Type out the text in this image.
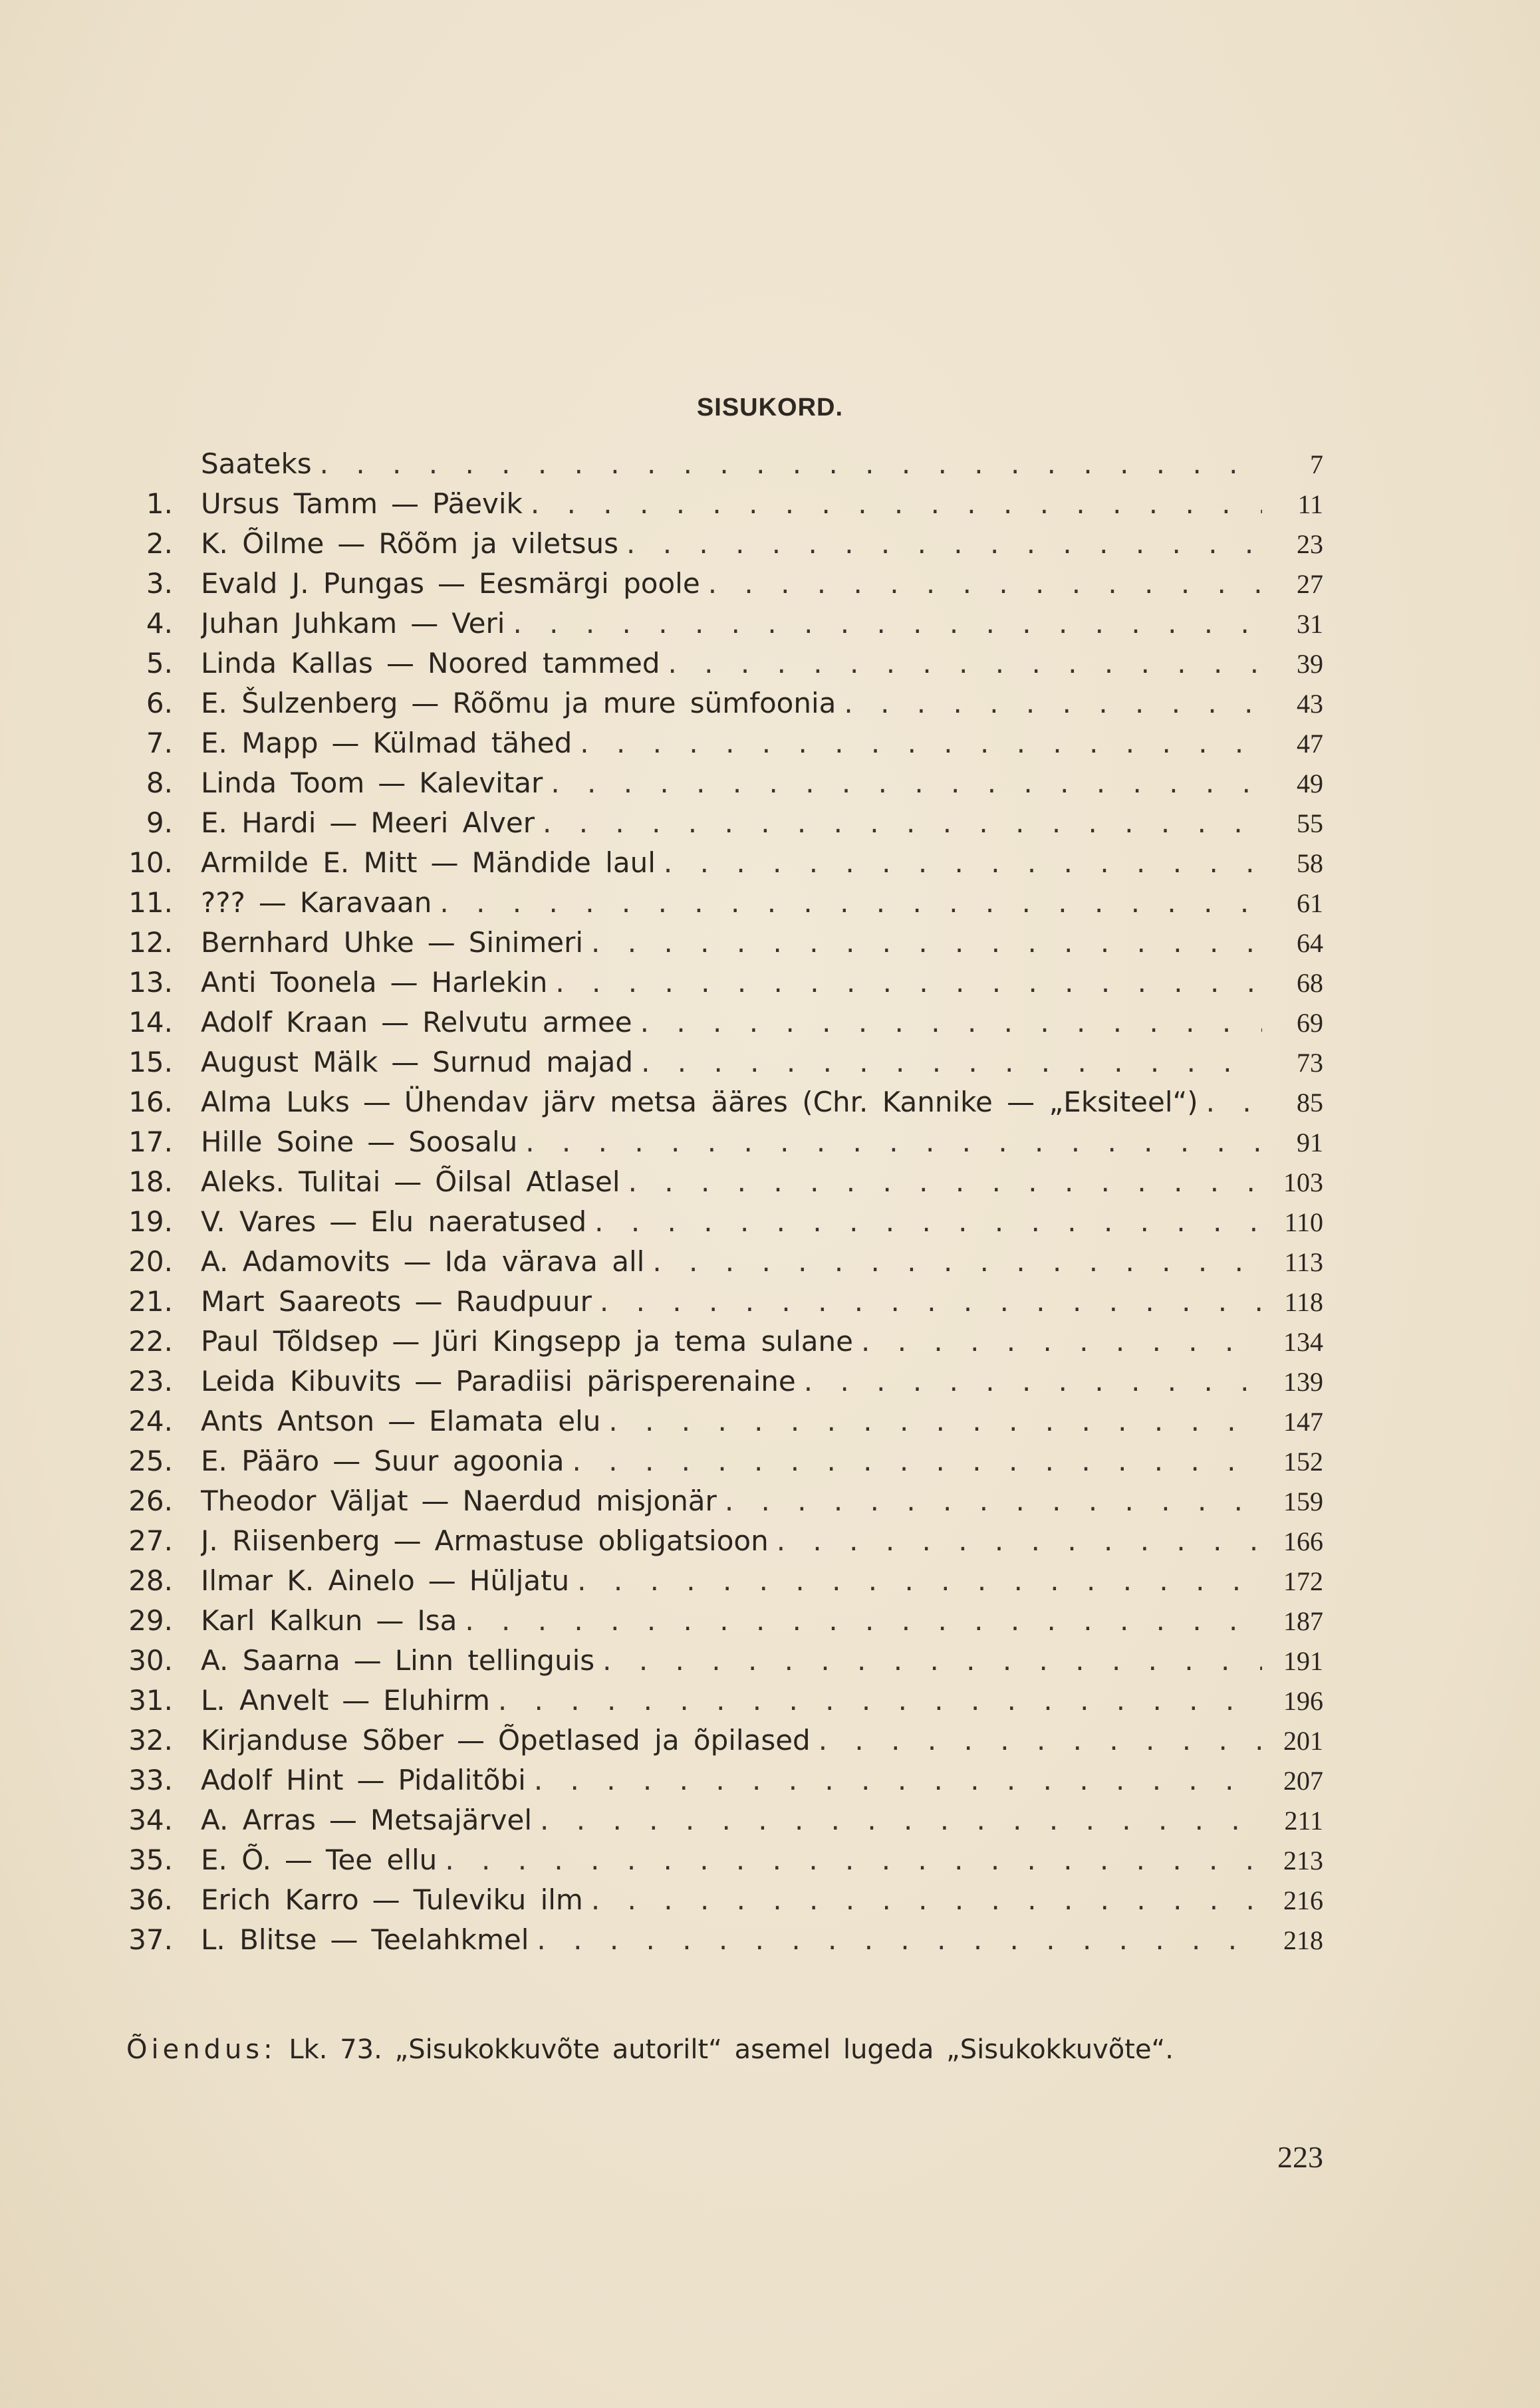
SISUKORD.
Saateks . . .	7
1. Ursus Tamm — Päevik . . .	11
2. K. Õilme — Rõõm ja viletsus . . .	23
3. Evald J. Pungas — Eesmärgi poole . . .	27
4. Juhan Juhkam — Veri . . .	31
5. Linda Kallas — Noored tammed . . .	39
6. E. Šulzenberg — Rõõmu ja mure sümfoonia . . .	43
7. E. Mapp — Külmad tähed . . .	47
8. Linda Toom — Kalevitar . . .	49
9. E. Hardi — Meeri Alver . . .	55
10. Armilde E. Mitt — Mändide laul . . .	58
11. ??? — Karavaan . . .	61
12. Bernhard Uhke — Sinimeri . . .	64
13. Anti Toonela — Harlekin . . .	68
14. Adolf Kraan — Relvutu armee . . .	69
15. August Mälk — Surnud majad . . .	73
16. Alma Luks — Ühendav järv metsa ääres (Chr. Kannike — „Eksiteel“) . . .	85
17. Hille Soine — Soosalu . . .	91
18. Aleks. Tulitai — Õilsal Atlasel . . .	103
19. V. Vares — Elu naeratused . . .	110
20. A. Adamovits — Ida värava all . . .	113
21. Mart Saareots — Raudpuur . . .	118
22. Paul Tõldsep — Jüri Kingsepp ja tema sulane . . .	134
23. Leida Kibuvits — Paradiisi pärisperenaine . . .	139
24. Ants Antson — Elamata elu . . .	147
25. E. Pääro — Suur agoonia . . .	152
26. Theodor Väljat — Naerdud misjonär . . .	159
27. J. Riisenberg — Armastuse obligatsioon . . .	166
28. Ilmar K. Ainelo — Hüljatu . . .	172
29. Karl Kalkun — Isa . . .	187
30. A. Saarna — Linn tellinguis . . .	191
31. L. Anvelt — Eluhirm . . .	196
32. Kirjanduse Sõber — Õpetlased ja õpilased . . .	201
33. Adolf Hint — Pidalitõbi . . .	207
34. A. Arras — Metsajärvel . . .	211
35. E. Õ. — Tee ellu . . .	213
36. Erich Karro — Tuleviku ilm . . .	216
37. L. Blitse — Teelahkmel . . .	218
Õiendus: Lk. 73. „Sisukokkuvõte autorilt“ asemel lugeda „Sisukokkuvõte“.
223
